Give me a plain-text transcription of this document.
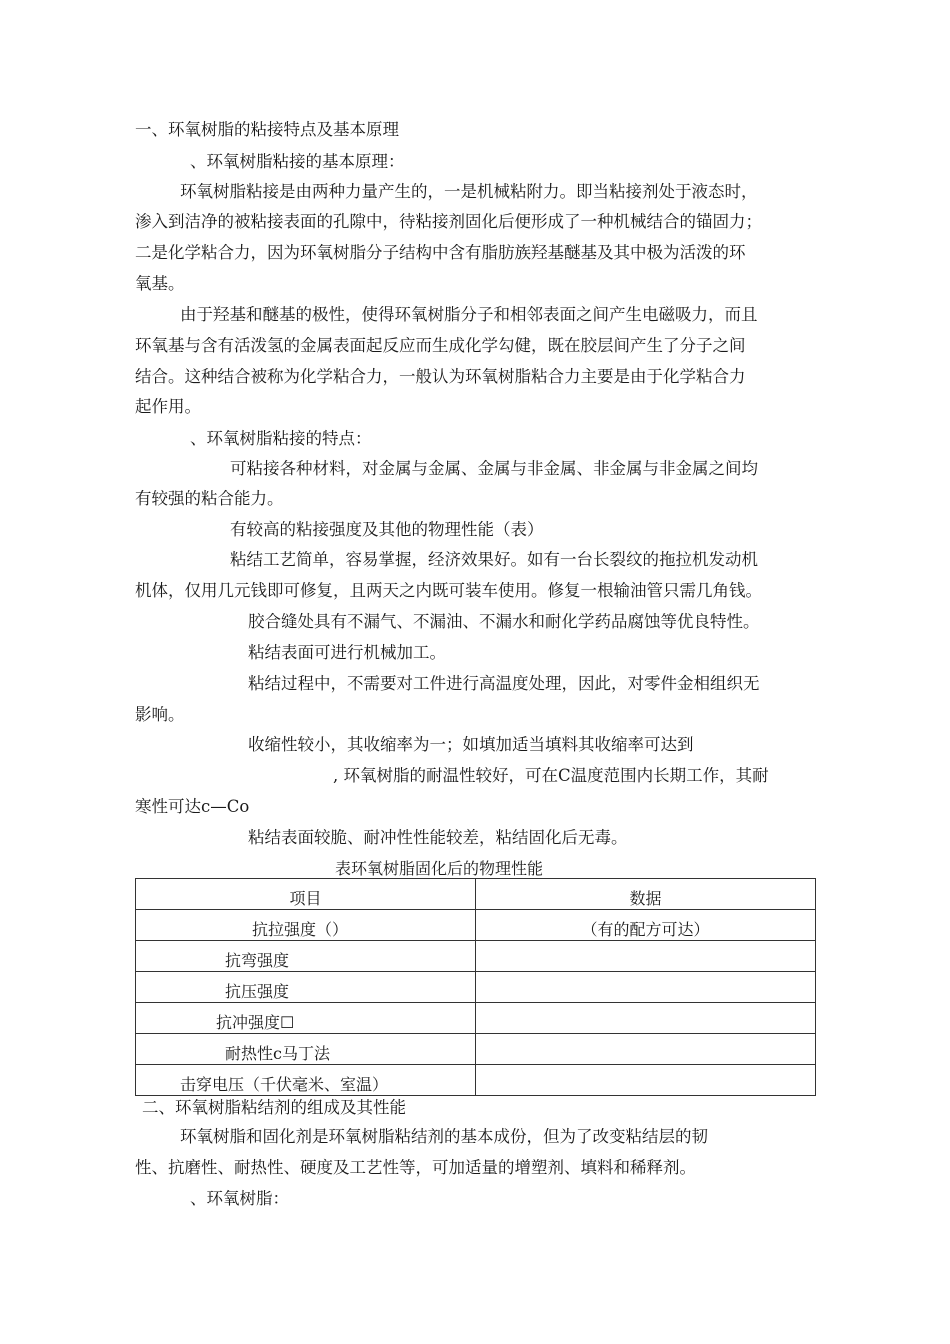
一、环氧树脂的粘接特点及基本原理
、环氧树脂粘接的基本原理：
环氧树脂粘接是由两种力量产生的，一是机械粘附力。即当粘接剂处于液态时，
渗入到洁净的被粘接表面的孔隙中，待粘接剂固化后便形成了一种机械结合的锚固力；
二是化学粘合力，因为环氧树脂分子结构中含有脂肪族羟基醚基及其中极为活泼的环
氧基。
由于羟基和醚基的极性，使得环氧树脂分子和相邻表面之间产生电磁吸力，而且
环氧基与含有活泼氢的金属表面起反应而生成化学勾健，既在胶层间产生了分子之间
结合。这种结合被称为化学粘合力，一般认为环氧树脂粘合力主要是由于化学粘合力
起作用。
、环氧树脂粘接的特点：
可粘接各种材料，对金属与金属、金属与非金属、非金属与非金属之间均
有较强的粘合能力。
有较高的粘接强度及其他的物理性能（表）
粘结工艺简单，容易掌握，经济效果好。如有一台长裂纹的拖拉机发动机
机体，仅用几元钱即可修复，且两天之内既可装车使用。修复一根输油管只需几角钱。
胶合缝处具有不漏气、不漏油、不漏水和耐化学药品腐蚀等优良特性。
粘结表面可进行机械加工。
粘结过程中，不需要对工件进行高温度处理，因此，对零件金相组织无
影响。
收缩性较小，其收缩率为一；如填加适当填料其收缩率可达到
, 环氧树脂的耐温性较好，可在C温度范围内长期工作，其耐
寒性可达c—Co
粘结表面较脆、耐冲性性能较差，粘结固化后无毒。
表环氧树脂固化后的物理性能
项目	数据
抗拉强度（）	（有的配方可达）
抗弯强度	
抗压强度	
抗冲强度☐	
耐热性c马丁法	
击穿电压（千伏毫米、室温）	
二、环氧树脂粘结剂的组成及其性能
环氧树脂和固化剂是环氧树脂粘结剂的基本成份，但为了改变粘结层的韧
性、抗磨性、耐热性、硬度及工艺性等，可加适量的增塑剂、填料和稀释剂。
、环氧树脂：
